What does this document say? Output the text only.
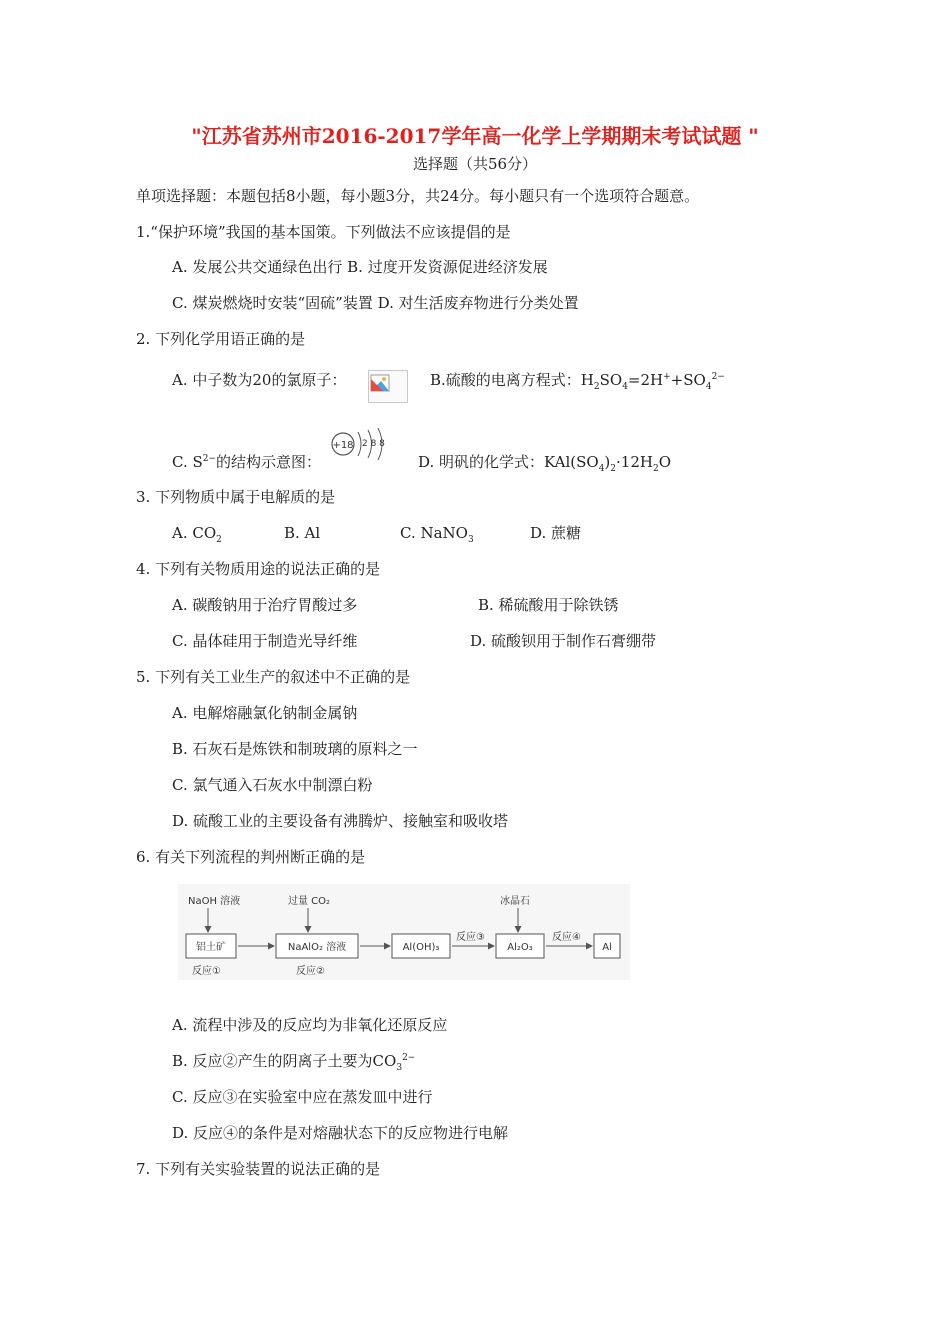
"江苏省苏州市2016-2017学年高一化学上学期期末考试试题 "
选择题（共56分）
单项选择题：本题包括8小题，每小题3分，共24分。每小题只有一个选项符合题意。
1.“保护环境”我国的基本国策。下列做法不应该提倡的是
A. 发展公共交通绿色出行 B. 过度开发资源促进经济发展
C. 煤炭燃烧时安装“固硫”装置 D. 对生活废弃物进行分类处置
2. 下列化学用语正确的是
A. 中子数为20的氯原子：	B.硫酸的电离方程式：$H_2SO_4=2H^++SO_4^{2-}$
+18 2 8 8
C. $S^{2-}$的结构示意图：	D. 明矾的化学式：$KAl(SO_4)_2\cdot 12H_2O$
3. 下列物质中属于电解质的是
A. $CO_2$	B. Al	C. NaNO$_3$	D. 蔗糖
4. 下列有关物质用途的说法正确的是
A. 碳酸钠用于治疗胃酸过多	B. 稀硫酸用于除铁锈
C. 晶体硅用于制造光导纤维	D. 硫酸钡用于制作石膏绷带
5. 下列有关工业生产的叙述中不正确的是
A. 电解熔融氯化钠制金属钠
B. 石灰石是炼铁和制玻璃的原料之一
C. 氯气通入石灰水中制漂白粉
D. 硫酸工业的主要设备有沸腾炉、接触室和吸收塔
6. 有关下列流程的判州断正确的是
NaOH 溶液	过量 CO₂	冰晶石
铝土矿	NaAlO₂ 溶液	Al(OH)₃	Al₂O₃	Al
反应①	反应②
反应③	反应④
A. 流程中涉及的反应均为非氧化还原反应
B. 反应②产生的阴离子土要为$CO_3^{2-}$
C. 反应③在实验室中应在蒸发皿中进行
D. 反应④的条件是对熔融状态下的反应物进行电解
7. 下列有关实验装置的说法正确的是
